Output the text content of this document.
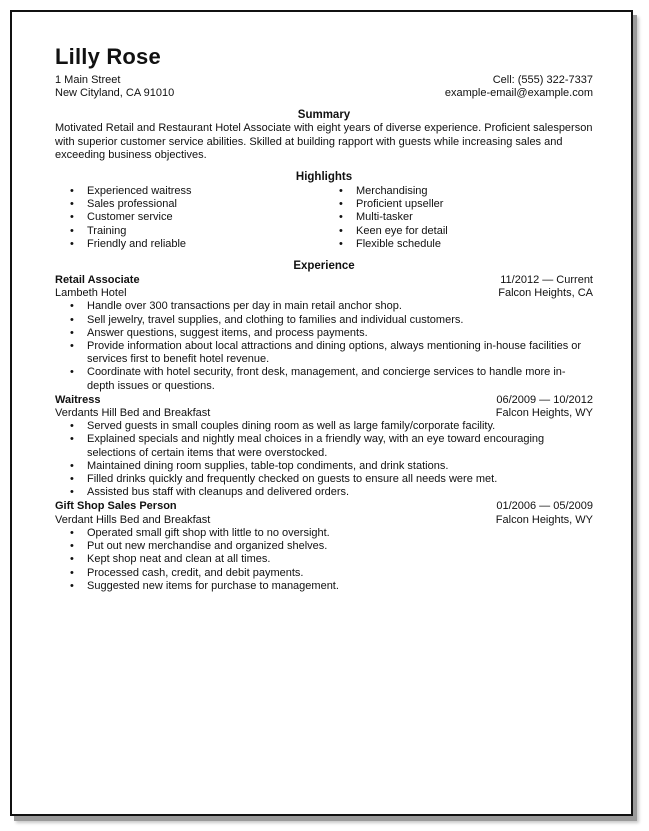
Lilly Rose
1 Main Street	Cell: (555) 322-7337
New Cityland, CA 91010	example-email@example.com
Summary

Motivated Retail and Restaurant Hotel Associate with eight years of diverse experience. Proficient salesperson with superior customer service abilities. Skilled at building rapport with guests while increasing sales and exceeding business objectives.

Highlights
• Experienced waitress
• Sales professional
• Customer service
• Training
• Friendly and reliable
• Merchandising
• Proficient upseller
• Multi-tasker
• Keen eye for detail
• Flexible schedule
Experience
Retail Associate	11/2012 — Current
Lambeth Hotel	Falcon Heights, CA
• Handle over 300 transactions per day in main retail anchor shop.
• Sell jewelry, travel supplies, and clothing to families and individual customers.
• Answer questions, suggest items, and process payments.
• Provide information about local attractions and dining options, always mentioning in-house facilities or services first to benefit hotel revenue.
• Coordinate with hotel security, front desk, management, and concierge services to handle more in-depth issues or questions.
Waitress	06/2009 — 10/2012
Verdants Hill Bed and Breakfast	Falcon Heights, WY
• Served guests in small couples dining room as well as large family/corporate facility.
• Explained specials and nightly meal choices in a friendly way, with an eye toward encouraging selections of certain items that were overstocked.
• Maintained dining room supplies, table-top condiments, and drink stations.
• Filled drinks quickly and frequently checked on guests to ensure all needs were met.
• Assisted bus staff with cleanups and delivered orders.
Gift Shop Sales Person	01/2006 — 05/2009
Verdant Hills Bed and Breakfast	Falcon Heights, WY
• Operated small gift shop with little to no oversight.
• Put out new merchandise and organized shelves.
• Kept shop neat and clean at all times.
• Processed cash, credit, and debit payments.
• Suggested new items for purchase to management.
